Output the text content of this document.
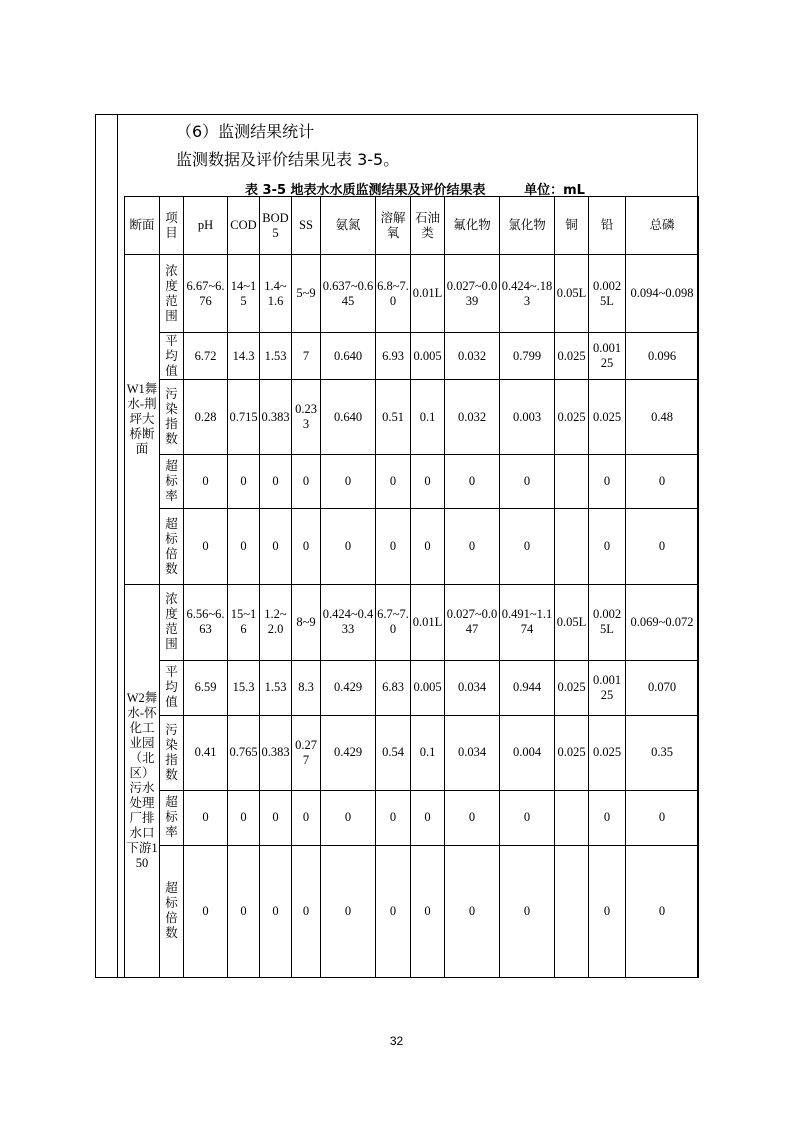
（6）监测结果统计
监测数据及评价结果见表 3-5。
表 3-5 地表水水质监测结果及评价结果表	单位：mL
断面	项目	pH	COD	BOD5	SS	氨氮	溶解氧	石油类	氟化物	氯化物	铜	铅	总磷
W1舞水-荆坪大桥断面	浓度范围	6.67~6.76	14~15	1.4~1.6	5~9	0.637~0.645	6.8~7.0	0.01L	0.027~0.039	0.424~.183	0.05L	0.0025L	0.094~0.098
	平均值	6.72	14.3	1.53	7	0.640	6.93	0.005	0.032	0.799	0.025	0.00125	0.096
	污染指数	0.28	0.715	0.383	0.233	0.640	0.51	0.1	0.032	0.003	0.025	0.025	0.48
	超标率	0	0	0	0	0	0	0	0	0		0	0
	超标倍数	0	0	0	0	0	0	0	0	0		0	0
W2舞水-怀化工业园（北区）污水处理厂排水口下游150	浓度范围	6.56~6.63	15~16	1.2~2.0	8~9	0.424~0.433	6.7~7.0	0.01L	0.027~0.047	0.491~1.174	0.05L	0.0025L	0.069~0.072
	平均值	6.59	15.3	1.53	8.3	0.429	6.83	0.005	0.034	0.944	0.025	0.00125	0.070
	污染指数	0.41	0.765	0.383	0.277	0.429	0.54	0.1	0.034	0.004	0.025	0.025	0.35
	超标率	0	0	0	0	0	0	0	0	0		0	0
	超标倍数	0	0	0	0	0	0	0	0	0		0	0
32
